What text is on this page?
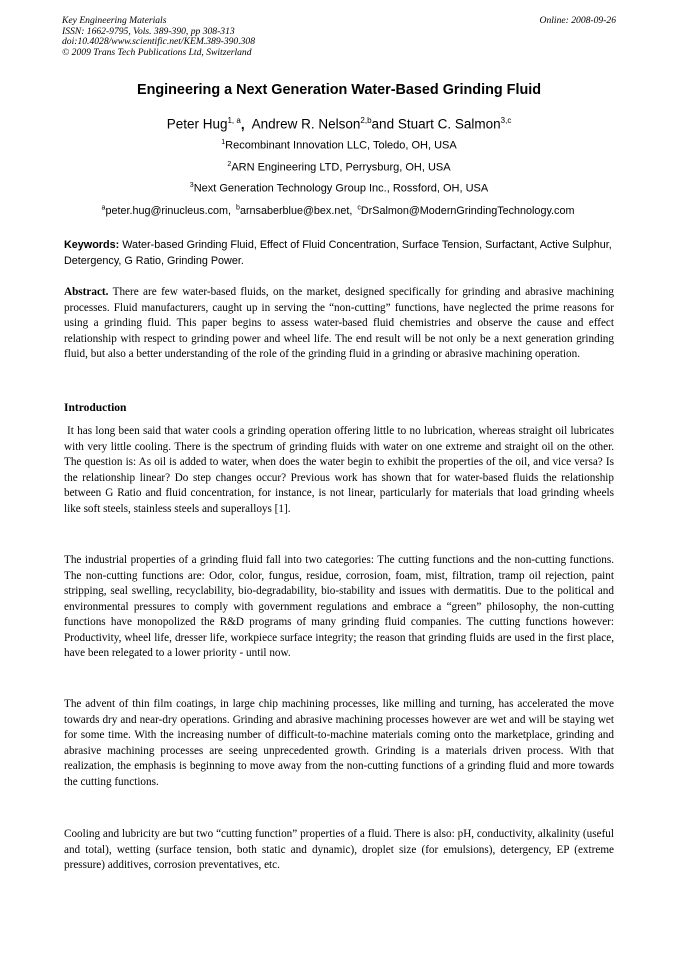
Key Engineering Materials
ISSN: 1662-9795, Vols. 389-390, pp 308-313
doi:10.4028/www.scientific.net/KEM.389-390.308
© 2009 Trans Tech Publications Ltd, Switzerland
Online: 2008-09-26
Engineering a Next Generation Water-Based Grinding Fluid
Peter Hug$^{1, a}$, Andrew R. Nelson$^{2,b}$and Stuart C. Salmon$^{3,c}$
$^1$Recombinant Innovation LLC, Toledo, OH, USA
$^2$ARN Engineering LTD, Perrysburg, OH, USA
$^3$Next Generation Technology Group Inc., Rossford, OH, USA
$^a$peter.hug@rinucleus.com, $^b$arnsaberblue@bex.net, $^c$DrSalmon@ModernGrindingTechnology.com
Keywords: Water-based Grinding Fluid, Effect of Fluid Concentration, Surface Tension, Surfactant, Active Sulphur, Detergency, G Ratio, Grinding Power.
Abstract. There are few water-based fluids, on the market, designed specifically for grinding and abrasive machining processes. Fluid manufacturers, caught up in serving the “non-cutting” functions, have neglected the prime reasons for using a grinding fluid. This paper begins to assess water-based fluid chemistries and observe the cause and effect relationship with respect to grinding power and wheel life. The end result will be not only be a next generation grinding fluid, but also a better understanding of the role of the grinding fluid in a grinding or abrasive machining operation.
Introduction
It has long been said that water cools a grinding operation offering little to no lubrication, whereas straight oil lubricates with very little cooling. There is the spectrum of grinding fluids with water on one extreme and straight oil on the other. The question is: As oil is added to water, when does the water begin to exhibit the properties of the oil, and vice versa? Is the relationship linear? Do step changes occur? Previous work has shown that for water-based fluids the relationship between G Ratio and fluid concentration, for instance, is not linear, particularly for materials that load grinding wheels like soft steels, stainless steels and superalloys [1].
The industrial properties of a grinding fluid fall into two categories: The cutting functions and the non-cutting functions. The non-cutting functions are: Odor, color, fungus, residue, corrosion, foam, mist, filtration, tramp oil rejection, paint stripping, seal swelling, recyclability, bio-degradability, bio-stability and issues with dermatitis. Due to the political and environmental pressures to comply with government regulations and embrace a “green” philosophy, the non-cutting functions have monopolized the R&D programs of many grinding fluid companies. The cutting functions however: Productivity, wheel life, dresser life, workpiece surface integrity; the reason that grinding fluids are used in the first place, have been relegated to a lower priority - until now.
The advent of thin film coatings, in large chip machining processes, like milling and turning, has accelerated the move towards dry and near-dry operations. Grinding and abrasive machining processes however are wet and will be staying wet for some time. With the increasing number of difficult-to-machine materials coming onto the marketplace, grinding and abrasive machining processes are seeing unprecedented growth. Grinding is a materials driven process. With that realization, the emphasis is beginning to move away from the non-cutting functions of a grinding fluid and more towards the cutting functions.
Cooling and lubricity are but two “cutting function” properties of a fluid. There is also: pH, conductivity, alkalinity (useful and total), wetting (surface tension, both static and dynamic), droplet size (for emulsions), detergency, EP (extreme pressure) additives, corrosion preventatives, etc.
